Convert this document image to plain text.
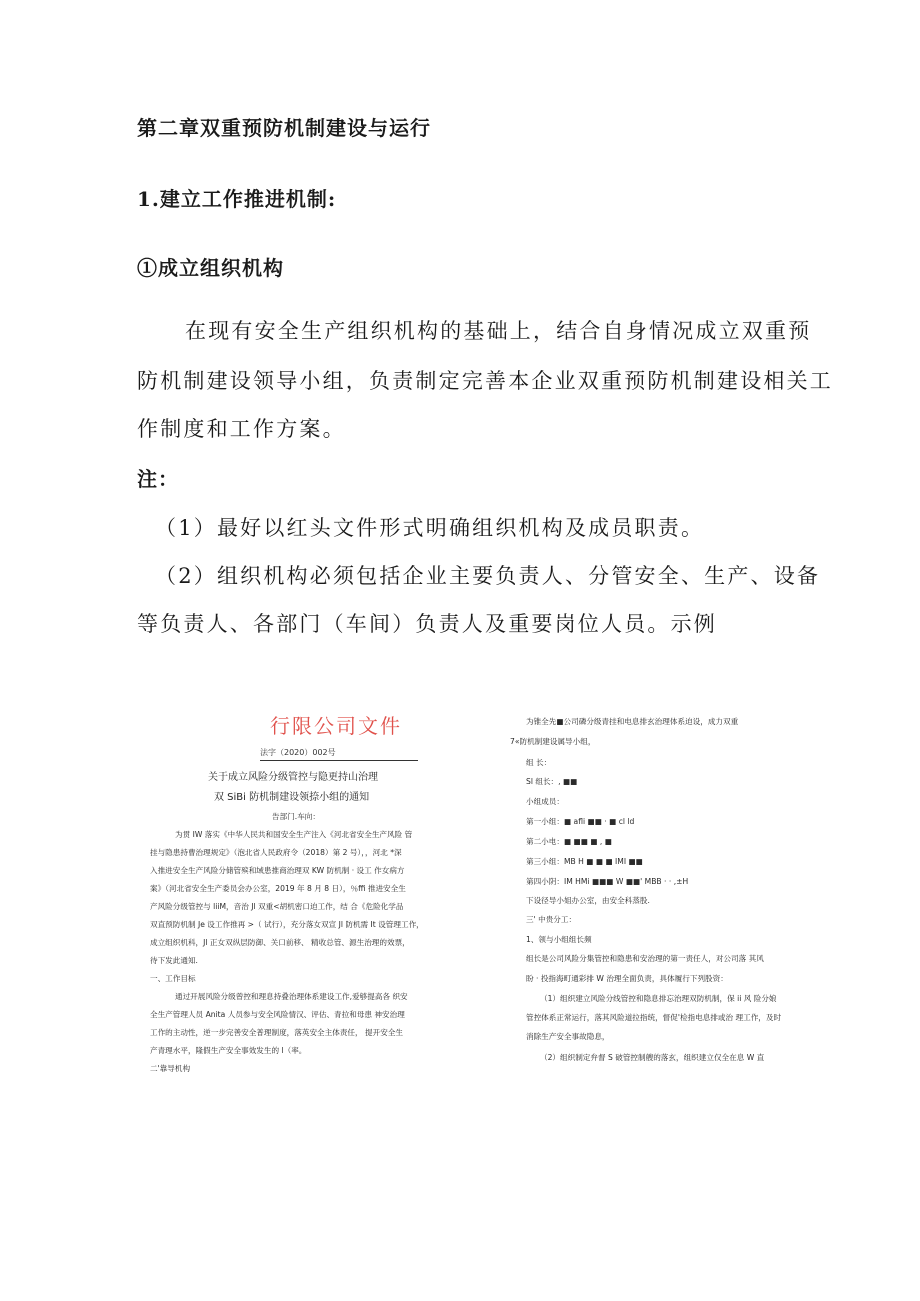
第二章双重预防机制建设与运行
1.建立工作推进机制:
①成立组织机构
在现有安全生产组织机构的基础上，结合自身情况成立双重预
防机制建设领导小组，负责制定完善本企业双重预防机制建设相关工
作制度和工作方案。
注：
（1）最好以红头文件形式明确组织机构及成员职责。
（2）组织机构必须包括企业主要负责人、分管安全、生产、设备
等负责人、各部门（车间）负责人及重要岗位人员。示例
行限公司文件
法字（2020）002号
关于成立风险分级管控与隐更持山治理
双 SiBi 防机制建设领捺小组的通知
告部门.车向：
为贯 IW 落实《中华人民共和国安全生产注入《河北省安全生产风险 管
挂与隐患持曹治理规定》（泡北省人民政府令（2018）第 2 号），，河北 *深
入推进安全生产风险分储管殡和域患推商治理双 KW 防机制 · 设工 作女病方
案》（河北省安全生产委员会办公室，2019 年 8 月 8 日），％ffi 推进安全生
产风险分级管控与 liiM，音治 Jl 双重<胡机密口迫工作，结 合《危险化学品
双直预防机制 Je 设工作推再 >（ 试行），充分落女双宣 Jl 防机需 It 设管理工作，
成立组织机科，Jl 正女双纵层防御、关口前移、 精收总管、源生治理的效票，
待下发此通知.
一、工作目标
通过开展风险分级曾控和理息持叠治理体系建设工作,爱够提高各 织安
全生产管理人员 Anita 人员参与安全风险情汉、评估、青拉和母患 神安治理
工作的主动性，逆一步完善安全普理制度，落英安全主体责任， 提开安全生
产青理水平，隆假生产安全事效发生的 l（率。
二'靠导机构
为锥全先■公司磷分级青挂和电息排玄治理体系迫设，成力双重
7«防机制建设属导小组，
组 长：
Sl 组长：, ■■
小组成员：
第一小组：■ afli ■■ · ■ cl ld
第二小电：■ ■■ ■ , ■
第三小组：MB H ■ ■ ■ IMI ■■
第四小阴：IM HMi ■■■ W ■■' MBB · · ,±H
下设径导小姐办公室，由安全科蒸股.
三' 中贵分工：
1、领与小组组长频
组长是公司风险分集管控和隐患和安治理的第一责任人，对公司落 其风
盼 · 投指海町通彩排 W 治理全面负责，具体履行下列股资：
（1）组织建立风险分线管控和隐息排忘治理双防机制，保 ii 风 险分娘
管控体系正常运行，落其风险道拉指统，督促'检指电息排或治 理工作，及时
消除生产安全事故隐息，
（2）组织制定弁督 S 破管控制艘的落玄，组织建立仅全在息 W 直
